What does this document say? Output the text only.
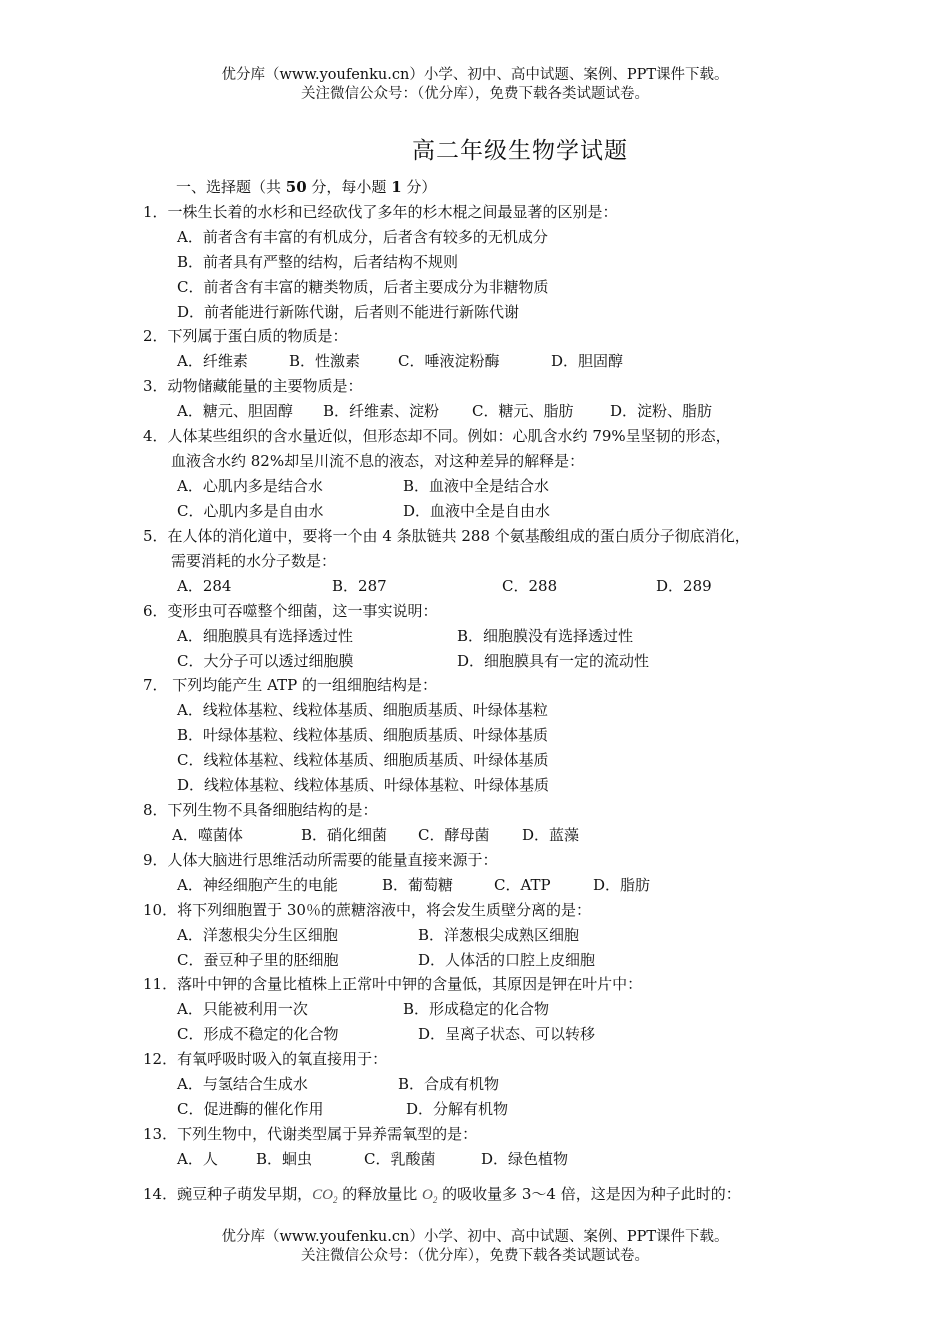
优分库（www.youfenku.cn）小学、初中、高中试题、案例、PPT课件下载。
关注微信公众号：（优分库），免费下载各类试题试卷。
高二年级生物学试题
一、选择题（共 50 分，每小题 1 分）
1．一株生长着的水杉和已经砍伐了多年的杉木棍之间最显著的区别是：
A．前者含有丰富的有机成分，后者含有较多的无机成分
B．前者具有严整的结构，后者结构不规则
C．前者含有丰富的糖类物质，后者主要成分为非糖物质
D．前者能进行新陈代谢，后者则不能进行新陈代谢
2．下列属于蛋白质的物质是：
A．纤维素	B．性激素	C．唾液淀粉酶	D．胆固醇
3．动物储藏能量的主要物质是：
A．糖元、胆固醇 B．纤维素、淀粉 C．糖元、脂肪 D．淀粉、脂肪
4．人体某些组织的含水量近似，但形态却不同。例如：心肌含水约 79%呈坚韧的形态，
血液含水约 82%却呈川流不息的液态，对这种差异的解释是：
A．心肌内多是结合水	B．血液中全是结合水
C．心肌内多是自由水	D．血液中全是自由水
5．在人体的消化道中，要将一个由 4 条肽链共 288 个氨基酸组成的蛋白质分子彻底消化，
需要消耗的水分子数是：
A．284	B．287	C．288	D．289
6．变形虫可吞噬整个细菌，这一事实说明：
A．细胞膜具有选择透过性	B．细胞膜没有选择透过性
C．大分子可以透过细胞膜	D．细胞膜具有一定的流动性
7． 下列均能产生 ATP 的一组细胞结构是：
A．线粒体基粒、线粒体基质、细胞质基质、叶绿体基粒
B．叶绿体基粒、线粒体基质、细胞质基质、叶绿体基质
C．线粒体基粒、线粒体基质、细胞质基质、叶绿体基质
D．线粒体基粒、线粒体基质、叶绿体基粒、叶绿体基质
8．下列生物不具备细胞结构的是：
A．噬菌体	B．硝化细菌 C．酵母菌 D．蓝藻
9．人体大脑进行思维活动所需要的能量直接来源于：
A．神经细胞产生的电能	B．葡萄糖	C．ATP	D．脂肪
10．将下列细胞置于 30％的蔗糖溶液中，将会发生质壁分离的是：
A．洋葱根尖分生区细胞	B．洋葱根尖成熟区细胞
C．蚕豆种子里的胚细胞	D．人体活的口腔上皮细胞
11．落叶中钾的含量比植株上正常叶中钾的含量低，其原因是钾在叶片中：
A．只能被利用一次	B．形成稳定的化合物
C．形成不稳定的化合物	D．呈离子状态、可以转移
12．有氧呼吸时吸入的氧直接用于：
A．与氢结合生成水	B．合成有机物
C．促进酶的催化作用	D．分解有机物
13．下列生物中，代谢类型属于异养需氧型的是：
A．人	B．蛔虫	C．乳酸菌	D．绿色植物
14．豌豆种子萌发早期，$CO_2$ 的释放量比 $O_2$ 的吸收量多 3～4 倍，这是因为种子此时的：
优分库（www.youfenku.cn）小学、初中、高中试题、案例、PPT课件下载。
关注微信公众号：（优分库），免费下载各类试题试卷。
